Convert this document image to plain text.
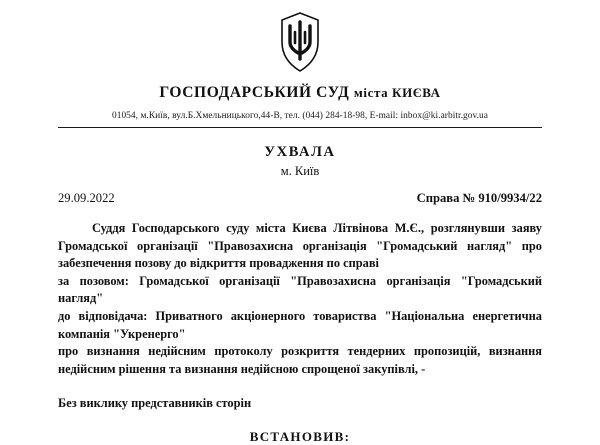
ГОСПОДАРСЬКИЙ СУД міста КИЄВА
01054, м.Київ, вул.Б.Хмельницького,44-В, тел. (044) 284-18-98, E-mail: inbox@ki.arbitr.gov.ua
УХВАЛА
м. Київ
29.09.2022	Справа № 910/9934/22

Суддя Господарського суду міста Києва Літвінова М.Є., розглянувши заяву Громадської організації "Правозахисна організація "Громадський нагляд" про забезпечення позову до відкриття провадження по справі

за позовом: Громадської організації "Правозахисна організація "Громадський нагляд"

до відповідача: Приватного акціонерного товариства "Національна енергетична компанія "Укренерго"

про визнання недійсним протоколу розкриття тендерних пропозицій, визнання недійсним рішення та визнання недійсною спрощеної закупівлі, -

Без виклику представників сторін
ВСТАНОВИВ:
